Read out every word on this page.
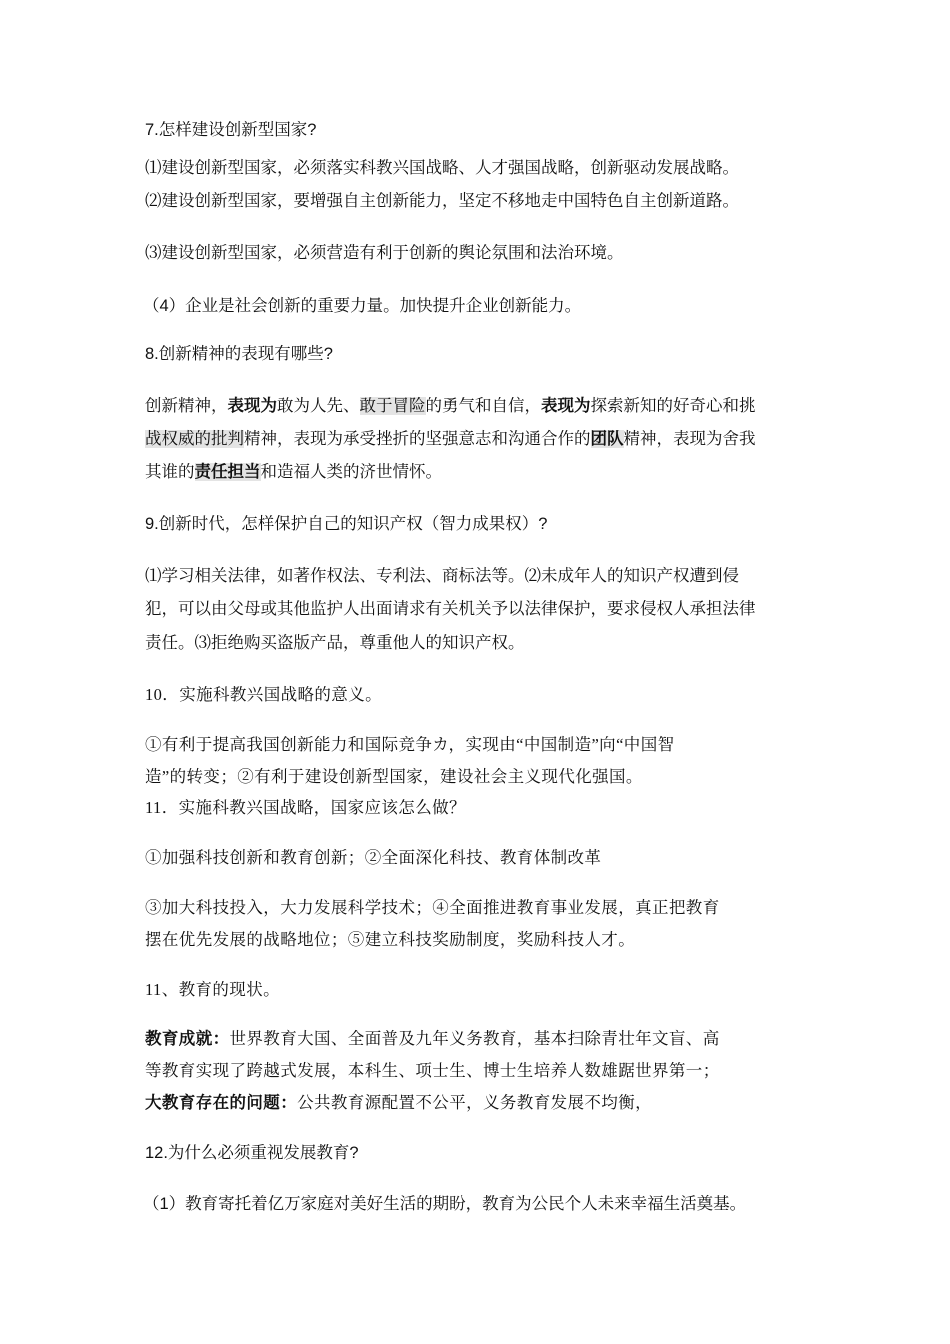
7.怎样建设创新型国家?
⑴建设创新型国家，必须落实科教兴国战略、人才强国战略，创新驱动发展战略。
⑵建设创新型国家，要增强自主创新能力，坚定不移地走中国特色自主创新道路。
⑶建设创新型国家，必须营造有利于创新的舆论氛围和法治环境。
（4）企业是社会创新的重要力量。加快提升企业创新能力。
8.创新精神的表现有哪些?
创新精神，表现为敢为人先、敢于冒险的勇气和自信，表现为探索新知的好奇心和挑
战权威的批判精神，表现为承受挫折的坚强意志和沟通合作的团队精神，表现为舍我
其谁的责任担当和造福人类的济世情怀。
9.创新时代，怎样保护自己的知识产权（智力成果权）?
⑴学习相关法律，如著作权法、专利法、商标法等。⑵未成年人的知识产权遭到侵
犯，可以由父母或其他监护人出面请求有关机关予以法律保护，要求侵权人承担法律
责任。⑶拒绝购买盗版产品，尊重他人的知识产权。
10．实施科教兴国战略的意义。
①有利于提高我国创新能力和国际竞争カ，实现由“中国制造”向“中国智
造”的转变；②有利于建设创新型国家，建设社会主义现代化强国。
11．实施科教兴国战略，国家应该怎么做？
①加强科技创新和教育创新；②全面深化科技、教育体制改革
③加大科技投入，大力发展科学技术；④全面推进教育事业发展，真正把教育
摆在优先发展的战略地位；⑤建立科技奖励制度，奖励科技人才。
11、教育的现状。
教育成就：世界教育大国、全面普及九年义务教育，基本扫除青壮年文盲、高
等教育实现了跨越式发展，本科生、项士生、博士生培养人数雄踞世界第一；
大教育存在的问题：公共教育源配置不公平，义务教育发展不均衡，
12.为什么必须重视发展教育?
（1）教育寄托着亿万家庭对美好生活的期盼，教育为公民个人未来幸福生活奠基。
